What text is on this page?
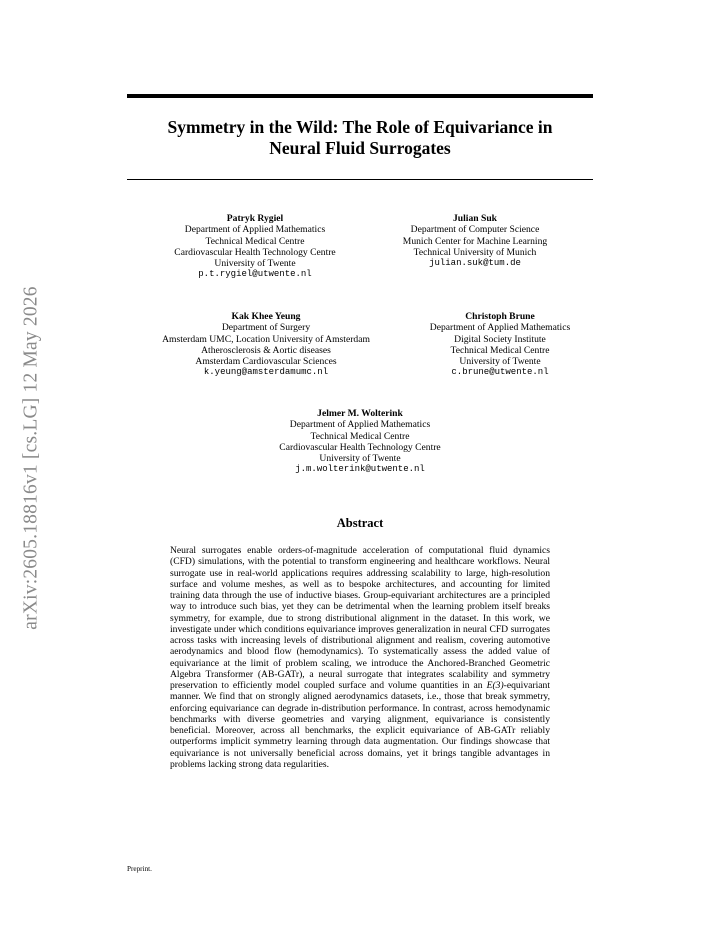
arXiv:2605.18816v1 [cs.LG] 12 May 2026
Symmetry in the Wild: The Role of Equivariance in
Neural Fluid Surrogates
Patryk Rygiel
Department of Applied Mathematics
Technical Medical Centre
Cardiovascular Health Technology Centre
University of Twente
p.t.rygiel@utwente.nl
Julian Suk
Department of Computer Science
Munich Center for Machine Learning
Technical University of Munich
julian.suk@tum.de
Kak Khee Yeung
Department of Surgery
Amsterdam UMC, Location University of Amsterdam
Atherosclerosis & Aortic diseases
Amsterdam Cardiovascular Sciences
k.yeung@amsterdamumc.nl
Christoph Brune
Department of Applied Mathematics
Digital Society Institute
Technical Medical Centre
University of Twente
c.brune@utwente.nl
Jelmer M. Wolterink
Department of Applied Mathematics
Technical Medical Centre
Cardiovascular Health Technology Centre
University of Twente
j.m.wolterink@utwente.nl
Abstract
Neural surrogates enable orders-of-magnitude acceleration of computational fluid dynamics (CFD) simulations, with the potential to transform engineering and healthcare workflows. Neural surrogate use in real-world applications requires addressing scalability to large, high-resolution surface and volume meshes, as well as to bespoke architectures, and accounting for limited training data through the use of inductive biases. Group-equivariant architectures are a principled way to introduce such bias, yet they can be detrimental when the learning problem itself breaks symmetry, for example, due to strong distributional alignment in the dataset. In this work, we investigate under which conditions equivariance improves generalization in neural CFD surrogates across tasks with increasing levels of distributional alignment and realism, covering automotive aerodynamics and blood flow (hemodynamics). To systematically assess the added value of equivariance at the limit of problem scaling, we introduce the Anchored-Branched Geometric Algebra Transformer (AB-GATr), a neural surrogate that integrates scalability and symmetry preservation to efficiently model coupled surface and volume quantities in an E(3)-equivariant manner. We find that on strongly aligned aerodynamics datasets, i.e., those that break symmetry, enforcing equivariance can degrade in-distribution performance. In contrast, across hemodynamic benchmarks with diverse geometries and varying alignment, equivariance is consistently beneficial. Moreover, across all benchmarks, the explicit equivariance of AB-GATr reliably outperforms implicit symmetry learning through data augmentation. Our findings showcase that equivariance is not universally beneficial across domains, yet it brings tangible advantages in problems lacking strong data regularities.
Preprint.
